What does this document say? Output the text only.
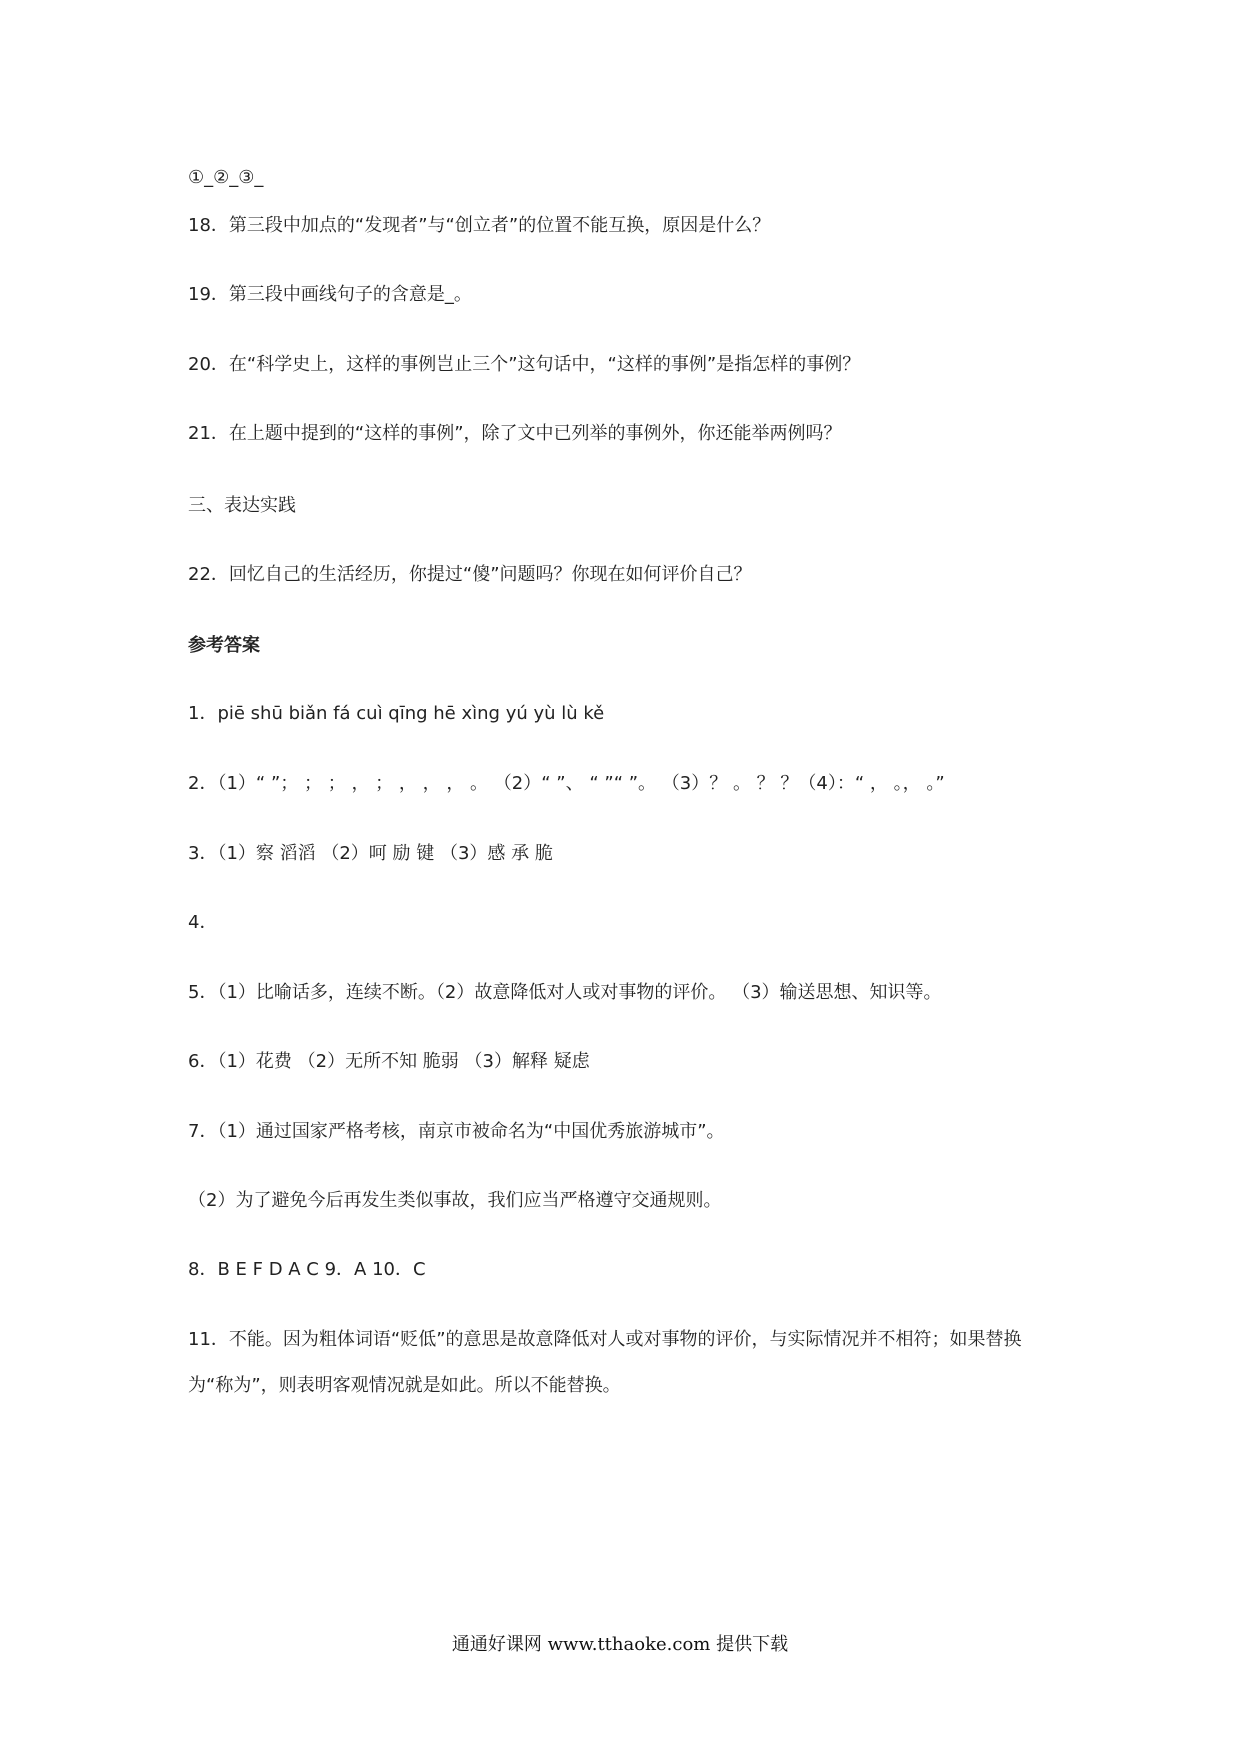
①_②_③_
18．第三段中加点的“发现者”与“创立者”的位置不能互换，原因是什么？
19．第三段中画线句子的含意是_。
20．在“科学史上，这样的事例岂止三个”这句话中，“这样的事例”是指怎样的事例？
21．在上题中提到的“这样的事例”，除了文中已列举的事例外，你还能举两例吗？
三、表达实践
22．回忆自己的生活经历，你提过“傻”问题吗？你现在如何评价自己？
参考答案
1．piē shū biǎn fá cuì qīng hē xìng yú yù lù kě
2．（1）“ ”； ； ； ， ； ， ， ， 。 （2）“ ”、 “ ”“ ”。 （3）？ 。 ？ ？（4）：“ ， 。， 。”
3．（1）察 滔滔 （2）呵 励 键 （3）感 承 脆
4．
5．（1）比喻话多，连续不断。（2）故意降低对人或对事物的评价。 （3）输送思想、知识等。
6．（1）花费 （2）无所不知 脆弱 （3）解释 疑虑
7．（1）通过国家严格考核，南京市被命名为“中国优秀旅游城市”。
（2）为了避免今后再发生类似事故，我们应当严格遵守交通规则。
8．B E F D A C 9．A 10．C
11．不能。因为粗体词语“贬低”的意思是故意降低对人或对事物的评价，与实际情况并不相符；如果替换
为“称为”，则表明客观情况就是如此。所以不能替换。
通通好课网 www.tthaoke.com 提供下载
